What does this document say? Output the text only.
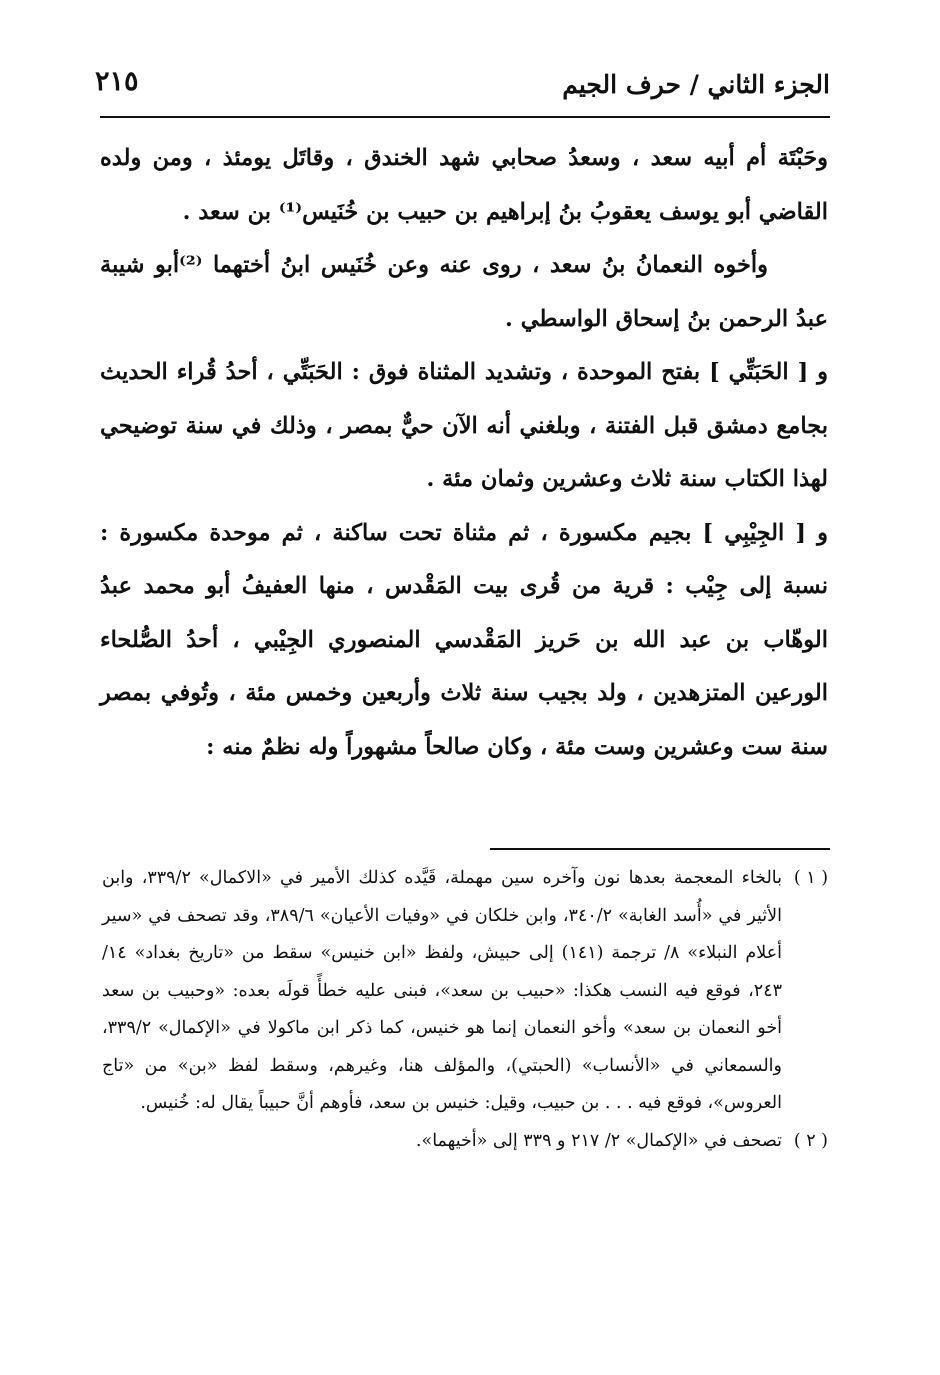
الجزء الثاني / حرف الجيم
٢١٥

وحَبْتَة أم أبيه سعد ، وسعدُ صحابي شهد الخندق ، وقاتَل يومئذ ، ومن ولده القاضي أبو يوسف يعقوبُ بنُ إبراهيم بن حبيب بن خُنَيس⁽¹⁾ بن سعد .

وأخوه النعمانُ بنُ سعد ، روى عنه وعن خُنَيس ابنُ أختهما ⁽²⁾أبو شيبة عبدُ الرحمن بنُ إسحاق الواسطي .

و [ الحَبَتِّي ] بفتح الموحدة ، وتشديد المثناة فوق : الحَبَتِّي ، أحدُ قُراء الحديث بجامع دمشق قبل الفتنة ، وبلغني أنه الآن حيٌّ بمصر ، وذلك في سنة توضيحي لهذا الكتاب سنة ثلاث وعشرين وثمان مئة .

و [ الجِيْبِي ] بجيم مكسورة ، ثم مثناة تحت ساكنة ، ثم موحدة مكسورة : نسبة إلى جِيْب : قرية من قُرى بيت المَقْدس ، منها العفيفُ أبو محمد عبدُ الوهّاب بن عبد الله بن حَريز المَقْدسي المنصوري الجِيْبي ، أحدُ الصُّلحاء الورعين المتزهدين ، ولد بجيب سنة ثلاث وأربعين وخمس مئة ، وتُوفي بمصر سنة ست وعشرين وست مئة ، وكان صالحاً مشهوراً وله نظمٌ منه :

( ١ )بالخاء المعجمة بعدها نون وآخره سين مهملة، قَيَّده كذلك الأمير في «الاكمال» ٣٣٩/٢، وابن الأثير في «أُسد الغابة» ٣٤٠/٢، وابن خلكان في «وفيات الأعيان» ٣٨٩/٦، وقد تصحف في «سير أعلام النبلاء» ٨/ ترجمة (١٤١) إلى حبيش، ولفظ «ابن خنيس» سقط من «تاريخ بغداد» ١٤/ ٢٤٣، فوقع فيه النسب هكذا: «حبيب بن سعد»، فبنى عليه خطأً قولَه بعده: «وحبيب بن سعد أخو النعمان بن سعد» وأخو النعمان إنما هو خنيس، كما ذكر ابن ماكولا في «الإكمال» ٣٣٩/٢، والسمعاني في «الأنساب» (الحبتي)، والمؤلف هنا، وغيرهم، وسقط لفظ «بن» من «تاج العروس»، فوقع فيه . . . بن حبيب، وقيل: خنيس بن سعد، فأوهم أنَّ حبيباً يقال له: خُنيس.

( ٢ )تصحف في «الإكمال» ٢/ ٢١٧ و ٣٣٩ إلى «أخيهما».
